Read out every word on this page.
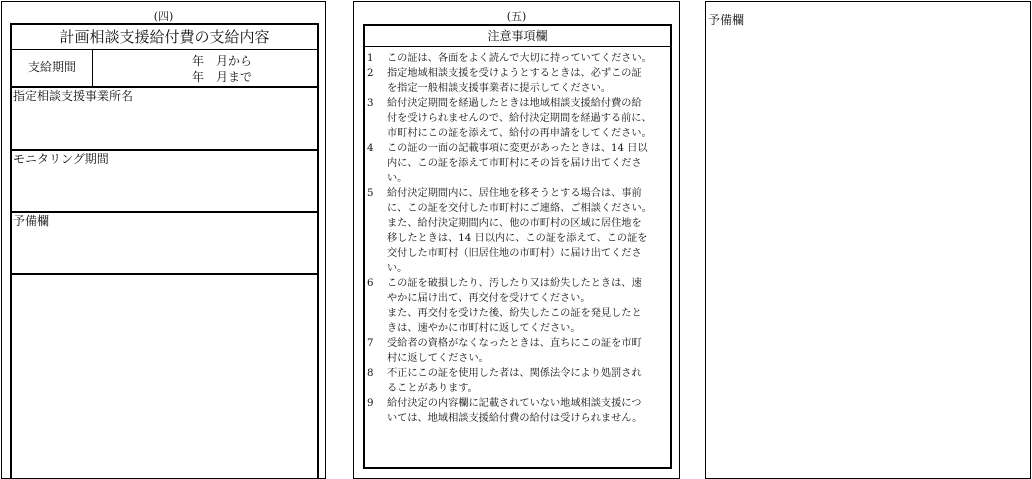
(四)
計画相談支援給付費の支給内容
支給期間	年　月から
年　月まで
指定相談支援事業所名
モニタリング期間
予備欄
(五)
注意事項欄
1	この証は、各面をよく読んで大切に持っていてください。
2	指定地域相談支援を受けようとするときは、必ずこの証
を指定一般相談支援事業者に提示してください。
3	給付決定期間を経過したときは地域相談支援給付費の給
付を受けられませんので、給付決定期間を経過する前に、
市町村にこの証を添えて、給付の再申請をしてください。
4	この証の一面の記載事項に変更があったときは、14 日以
内に、この証を添えて市町村にその旨を届け出てくださ
い。
5	給付決定期間内に、居住地を移そうとする場合は、事前
に、この証を交付した市町村にご連絡、ご相談ください。
また、給付決定期間内に、他の市町村の区域に居住地を
移したときは、14 日以内に、この証を添えて、この証を
交付した市町村（旧居住地の市町村）に届け出てくださ
い。
6	この証を破損したり、汚したり又は紛失したときは、速
やかに届け出て、再交付を受けてください。
また、再交付を受けた後、紛失したこの証を発見したと
きは、速やかに市町村に返してください。
7	受給者の資格がなくなったときは、直ちにこの証を市町
村に返してください。
8	不正にこの証を使用した者は、関係法令により処罰され
ることがあります。
9	給付決定の内容欄に記載されていない地域相談支援につ
いては、地域相談支援給付費の給付は受けられません。
予備欄
